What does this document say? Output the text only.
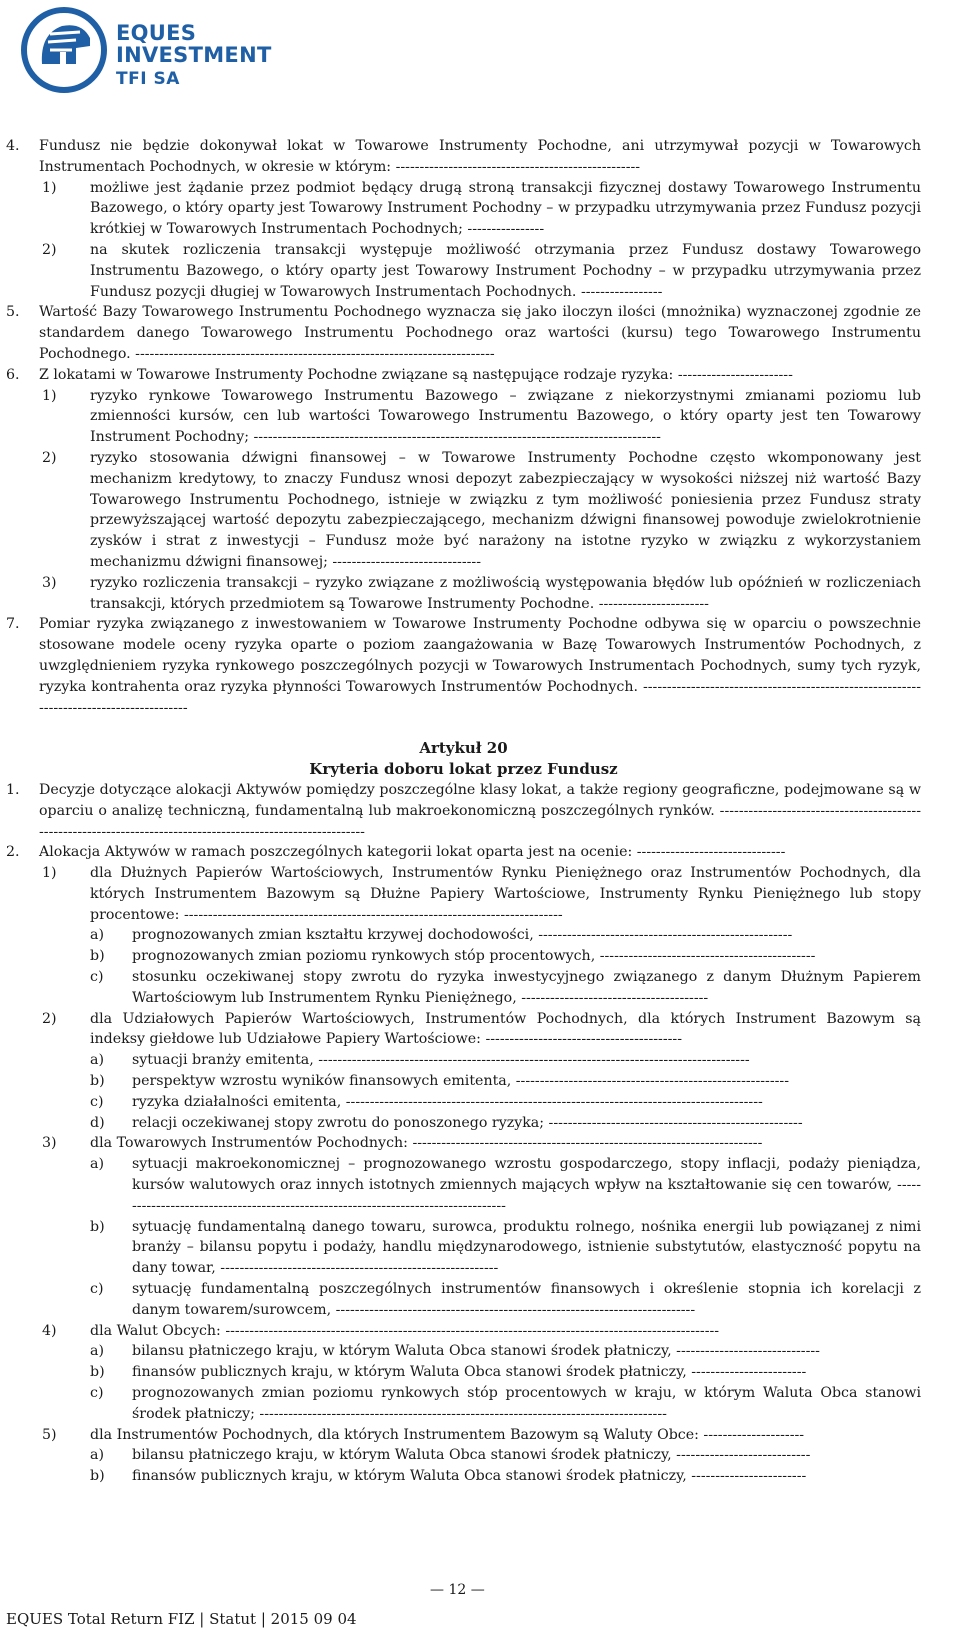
EQUES
INVESTMENT
TFI SA
4.	Fundusz nie będzie dokonywał lokat w Towarowe Instrumenty Pochodne, ani utrzymywał pozycji w Towarowych Instrumentach Pochodnych, w okresie w którym: ---------------------------------------------------
1)	możliwe jest żądanie przez podmiot będący drugą stroną transakcji fizycznej dostawy Towarowego Instrumentu Bazowego, o który oparty jest Towarowy Instrument Pochodny – w przypadku utrzymywania przez Fundusz pozycji krótkiej w Towarowych Instrumentach Pochodnych; ----------------
2)	na skutek rozliczenia transakcji występuje możliwość otrzymania przez Fundusz dostawy Towarowego Instrumentu Bazowego, o który oparty jest Towarowy Instrument Pochodny – w przypadku utrzymywania przez Fundusz pozycji długiej w Towarowych Instrumentach Pochodnych. -----------------
5.	Wartość Bazy Towarowego Instrumentu Pochodnego wyznacza się jako iloczyn ilości (mnożnika) wyznaczonej zgodnie ze standardem danego Towarowego Instrumentu Pochodnego oraz wartości (kursu) tego Towarowego Instrumentu Pochodnego. ---------------------------------------------------------------------------
6.	Z lokatami w Towarowe Instrumenty Pochodne związane są następujące rodzaje ryzyka: ------------------------
1)	ryzyko rynkowe Towarowego Instrumentu Bazowego – związane z niekorzystnymi zmianami poziomu lub zmienności kursów, cen lub wartości Towarowego Instrumentu Bazowego, o który oparty jest ten Towarowy Instrument Pochodny; -------------------------------------------------------------------------------------
2)	ryzyko stosowania dźwigni finansowej – w Towarowe Instrumenty Pochodne często wkomponowany jest mechanizm kredytowy, to znaczy Fundusz wnosi depozyt zabezpieczający w wysokości niższej niż wartość Bazy Towarowego Instrumentu Pochodnego, istnieje w związku z tym możliwość poniesienia przez Fundusz straty przewyższającej wartość depozytu zabezpieczającego, mechanizm dźwigni finansowej powoduje zwielokrotnienie zysków i strat z inwestycji – Fundusz może być narażony na istotne ryzyko w związku z wykorzystaniem mechanizmu dźwigni finansowej; -------------------------------
3)	ryzyko rozliczenia transakcji – ryzyko związane z możliwością występowania błędów lub opóźnień w rozliczeniach transakcji, których przedmiotem są Towarowe Instrumenty Pochodne. -----------------------
7.	Pomiar ryzyka związanego z inwestowaniem w Towarowe Instrumenty Pochodne odbywa się w oparciu o powszechnie stosowane modele oceny ryzyka oparte o poziom zaangażowania w Bazę Towarowych Instrumentów Pochodnych, z uwzględnieniem ryzyka rynkowego poszczególnych pozycji w Towarowych Instrumentach Pochodnych, sumy tych ryzyk, ryzyka kontrahenta oraz ryzyka płynności Towarowych Instrumentów Pochodnych. -----------------------------------------------------------------------------------------
Artykuł 20
Kryteria doboru lokat przez Fundusz
1.	Decyzje dotyczące alokacji Aktywów pomiędzy poszczególne klasy lokat, a także regiony geograficzne, podejmowane są w oparciu o analizę techniczną, fundamentalną lub makroekonomiczną poszczególnych rynków. --------------------------------------------------------------------------------------------------------------
2.	Alokacja Aktywów w ramach poszczególnych kategorii lokat oparta jest na ocenie: -------------------------------
1)	dla Dłużnych Papierów Wartościowych, Instrumentów Rynku Pieniężnego oraz Instrumentów Pochodnych, dla których Instrumentem Bazowym są Dłużne Papiery Wartościowe, Instrumenty Rynku Pieniężnego lub stopy procentowe: -------------------------------------------------------------------------------
a)	prognozowanych zmian kształtu krzywej dochodowości, -----------------------------------------------------
b)	prognozowanych zmian poziomu rynkowych stóp procentowych, ---------------------------------------------
c)	stosunku oczekiwanej stopy zwrotu do ryzyka inwestycyjnego związanego z danym Dłużnym Papierem Wartościowym lub Instrumentem Rynku Pieniężnego, ---------------------------------------
2)	dla Udziałowych Papierów Wartościowych, Instrumentów Pochodnych, dla których Instrument Bazowym są indeksy giełdowe lub Udziałowe Papiery Wartościowe: -----------------------------------------
a)	sytuacji branży emitenta, ------------------------------------------------------------------------------------------
b)	perspektyw wzrostu wyników finansowych emitenta, ---------------------------------------------------------
c)	ryzyka działalności emitenta, ---------------------------------------------------------------------------------------
d)	relacji oczekiwanej stopy zwrotu do ponoszonego ryzyka; -----------------------------------------------------
3)	dla Towarowych Instrumentów Pochodnych: -------------------------------------------------------------------------
a)	sytuacji makroekonomicznej – prognozowanego wzrostu gospodarczego, stopy inflacji, podaży pieniądza, kursów walutowych oraz innych istotnych zmiennych mających wpływ na kształtowanie się cen towarów, -----------------------------------------------------------------------------------
b)	sytuację fundamentalną danego towaru, surowca, produktu rolnego, nośnika energii lub powiązanej z nimi branży – bilansu popytu i podaży, handlu międzynarodowego, istnienie substytutów, elastyczność popytu na dany towar, ----------------------------------------------------------
c)	sytuację fundamentalną poszczególnych instrumentów finansowych i określenie stopnia ich korelacji z danym towarem/surowcem, ---------------------------------------------------------------------------
4)	dla Walut Obcych: -------------------------------------------------------------------------------------------------------
a)	bilansu płatniczego kraju, w którym Waluta Obca stanowi środek płatniczy, ------------------------------
b)	finansów publicznych kraju, w którym Waluta Obca stanowi środek płatniczy, ------------------------
c)	prognozowanych zmian poziomu rynkowych stóp procentowych w kraju, w którym Waluta Obca stanowi środek płatniczy; -------------------------------------------------------------------------------------
5)	dla Instrumentów Pochodnych, dla których Instrumentem Bazowym są Waluty Obce: ---------------------
a)	bilansu płatniczego kraju, w którym Waluta Obca stanowi środek płatniczy, ----------------------------
b)	finansów publicznych kraju, w którym Waluta Obca stanowi środek płatniczy, ------------------------
— 12 —
EQUES Total Return FIZ | Statut | 2015 09 04
